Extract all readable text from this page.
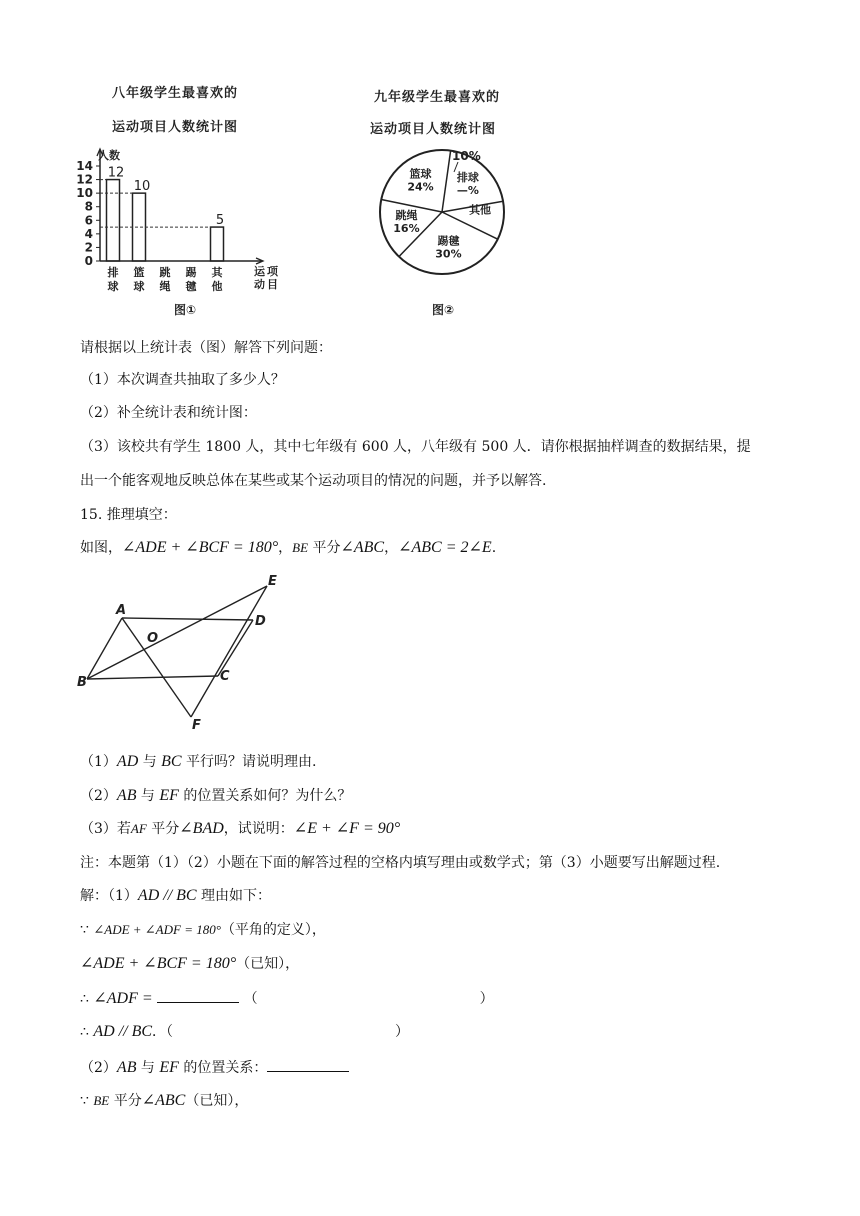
八年级学生最喜欢的
运动项目人数统计图
九年级学生最喜欢的
运动项目人数统计图
运动项目
0
2
4
6
8
10
12
14 12
排球
10
篮球
跳绳
踢毽
5
其他
人数
图①
其他
踢毽 30%
跳绳 16%
篮球 24%
排球—%
10%
图②
请根据以上统计表（图）解答下列问题：
（1）本次调查共抽取了多少人？
（2）补全统计表和统计图：
（3）该校共有学生 1800 人，其中七年级有 600 人，八年级有 500 人．请你根据抽样调查的数据结果，提
出一个能客观地反映总体在某些或某个运动项目的情况的问题，并予以解答.
15. 推理填空：
如图，∠ADE + ∠BCF = 180°，BE 平分∠ABC，∠ABC = 2∠E.
A
B	C
D
E
F
O
（1）AD 与 BC 平行吗？请说明理由.
（2）AB 与 EF 的位置关系如何？为什么？
（3）若AF 平分∠BAD，试说明：∠E + ∠F = 90°
注：本题第（1）（2）小题在下面的解答过程的空格内填写理由或数学式；第（3）小题要写出解题过程.
解：（1）AD // BC 理由如下：
∵ ∠ADE + ∠ADF = 180°（平角的定义），
∠ADE + ∠BCF = 180°（已知），
∴ ∠ADF =	（	）
∴ AD // BC．（	）
（2）AB 与 EF 的位置关系：
∵ BE 平分∠ABC（已知），
